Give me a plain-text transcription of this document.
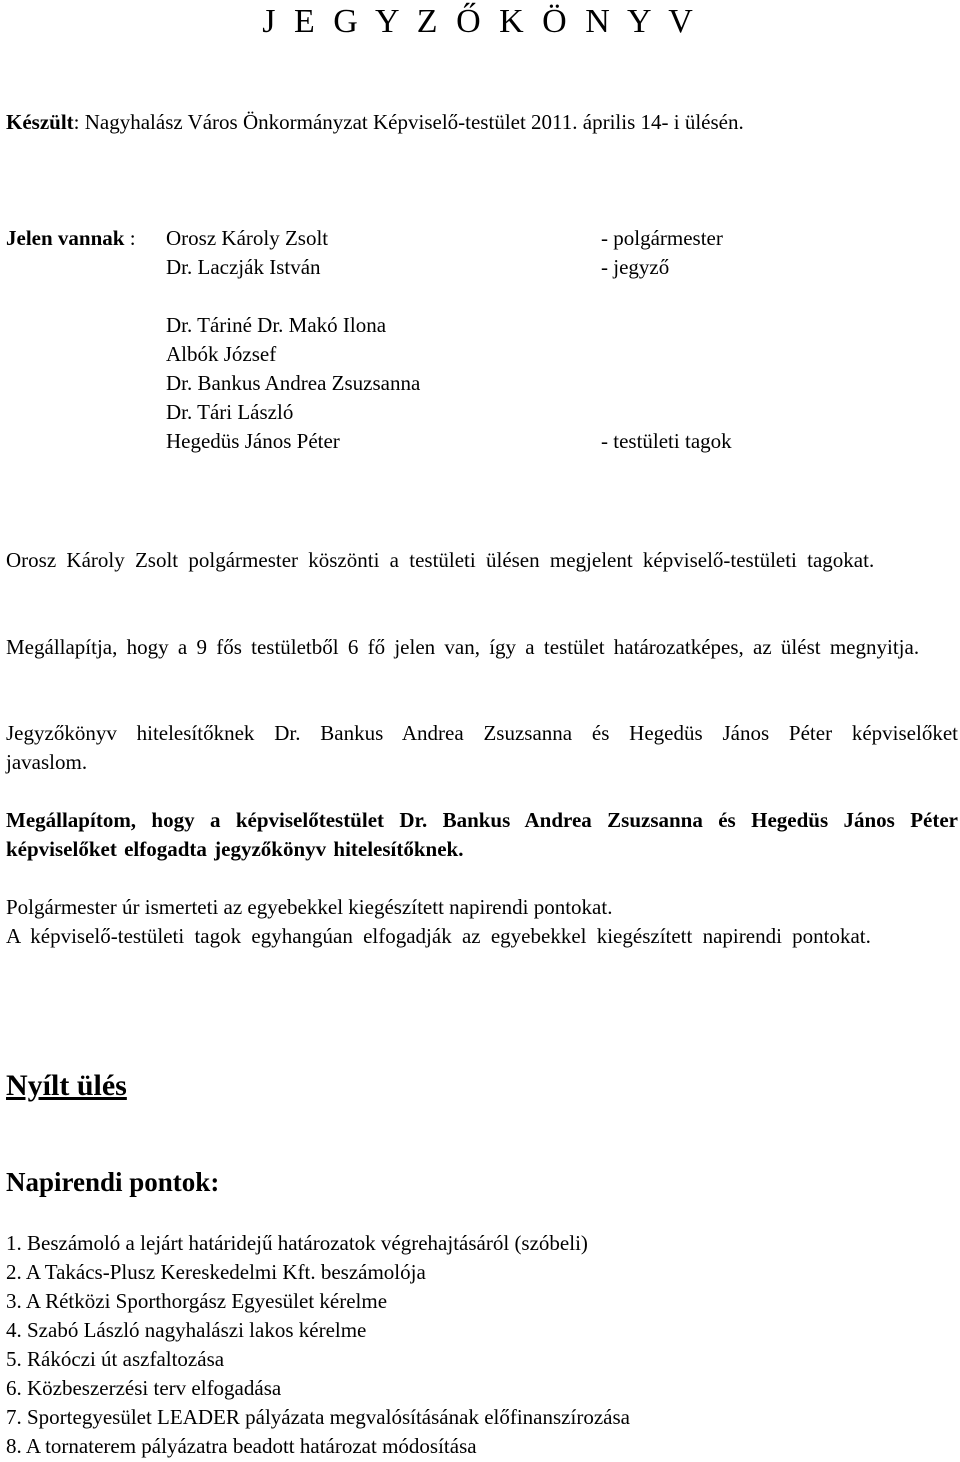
J E G Y Z Ő K Ö N Y V
Készült: Nagyhalász Város Önkormányzat Képviselő-testület 2011. április 14- i ülésén.
Jelen vannak : Orosz Károly Zsolt	- polgármester
Dr. Laczják István	- jegyző
Dr. Táriné Dr. Makó Ilona
Albók József
Dr. Bankus Andrea Zsuzsanna
Dr. Tári László
Hegedüs János Péter	- testületi tagok
Orosz Károly Zsolt polgármester köszönti a testületi ülésen megjelent képviselő-testületi tagokat.
Megállapítja, hogy a 9 fős testületből 6 fő jelen van, így a testület határozatképes, az ülést megnyitja.
Jegyzőkönyv hitelesítőknek Dr. Bankus Andrea Zsuzsanna és Hegedüs János Péter képviselőket javaslom.
Megállapítom, hogy a képviselőtestület Dr. Bankus Andrea Zsuzsanna és Hegedüs János Péter képviselőket elfogadta jegyzőkönyv hitelesítőknek.
Polgármester úr ismerteti az egyebekkel kiegészített napirendi pontokat.
A képviselő-testületi tagok egyhangúan elfogadják az egyebekkel kiegészített napirendi pontokat.
Nyílt ülés
Napirendi pontok:
1. Beszámoló a lejárt határidejű határozatok végrehajtásáról (szóbeli)
2. A Takács-Plusz Kereskedelmi Kft. beszámolója
3. A Rétközi Sporthorgász Egyesület kérelme
4. Szabó László nagyhalászi lakos kérelme
5. Rákóczi út aszfaltozása
6. Közbeszerzési terv elfogadása
7. Sportegyesület LEADER pályázata megvalósításának előfinanszírozása
8. A tornaterem pályázatra beadott határozat módosítása
